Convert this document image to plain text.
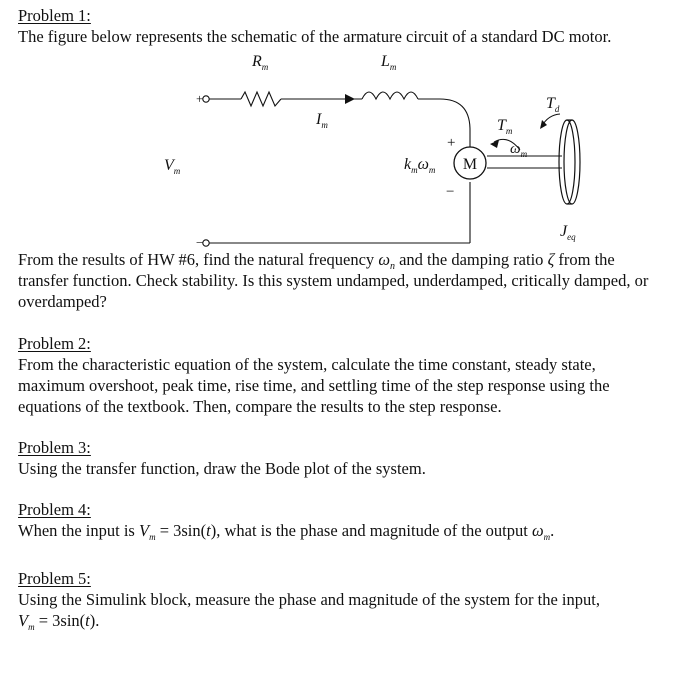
Problem 1:
The figure below represents the schematic of the armature circuit of a standard DC motor.
M
$R_m$	$L_m$
$I_m$
$V_m$
+
−
+
−
$k_m\omega_m$
$T_m$
$\omega_m$
$T_d$
$J_{eq}$
From the results of HW #6, find the natural frequency $\omega_n$ and the damping ratio ζ from the
transfer function. Check stability. Is this system undamped, underdamped, critically damped, or
overdamped?
Problem 2:
From the characteristic equation of the system, calculate the time constant, steady state,
maximum overshoot, peak time, rise time, and settling time of the step response using the
equations of the textbook. Then, compare the results to the step response.
Problem 3:
Using the transfer function, draw the Bode plot of the system.
Problem 4:
When the input is $V_m = 3\sin(t)$, what is the phase and magnitude of the output $\omega_m$.
Problem 5:
Using the Simulink block, measure the phase and magnitude of the system for the input,
$V_m = 3\sin(t)$.
